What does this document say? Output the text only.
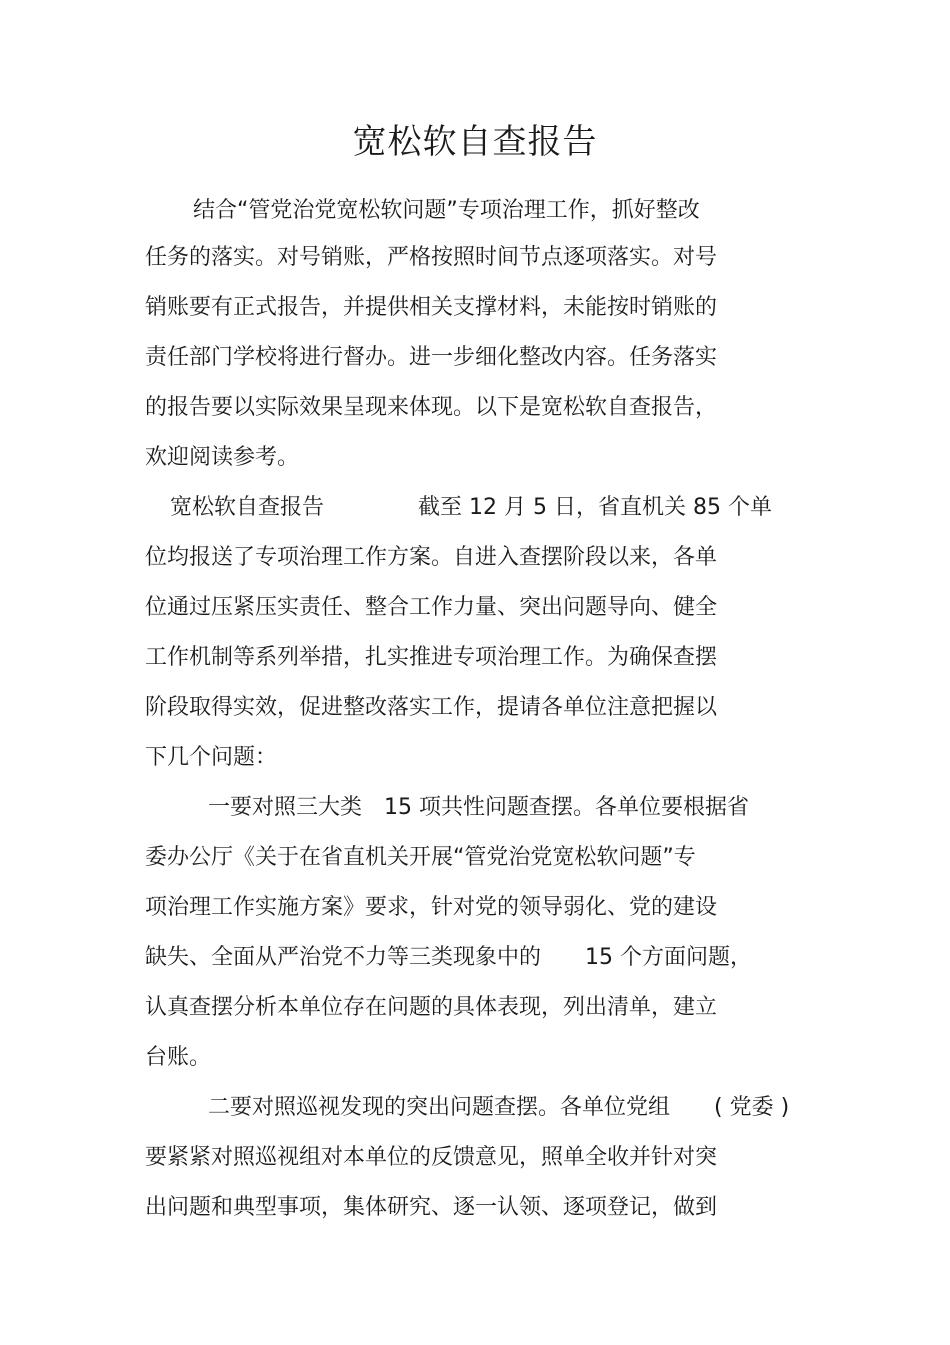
宽松软自查报告
结合“管党治党宽松软问题”专项治理工作，抓好整改
任务的落实。对号销账，严格按照时间节点逐项落实。对号
销账要有正式报告，并提供相关支撑材料，未能按时销账的
责任部门学校将进行督办。进一步细化整改内容。任务落实
的报告要以实际效果呈现来体现。以下是宽松软自查报告，
欢迎阅读参考。
宽松软自查报告	截至 12 月 5 日，省直机关 85 个单
位均报送了专项治理工作方案。自进入查摆阶段以来，各单
位通过压紧压实责任、整合工作力量、突出问题导向、健全
工作机制等系列举措，扎实推进专项治理工作。为确保查摆
阶段取得实效，促进整改落实工作，提请各单位注意把握以
下几个问题：
一要对照三大类　15 项共性问题查摆。各单位要根据省
委办公厅《关于在省直机关开展“管党治党宽松软问题”专
项治理工作实施方案》要求，针对党的领导弱化、党的建设
缺失、全面从严治党不力等三类现象中的　　15 个方面问题，
认真查摆分析本单位存在问题的具体表现，列出清单，建立
台账。
二要对照巡视发现的突出问题查摆。各单位党组　　( 党委 )
要紧紧对照巡视组对本单位的反馈意见，照单全收并针对突
出问题和典型事项，集体研究、逐一认领、逐项登记，做到
